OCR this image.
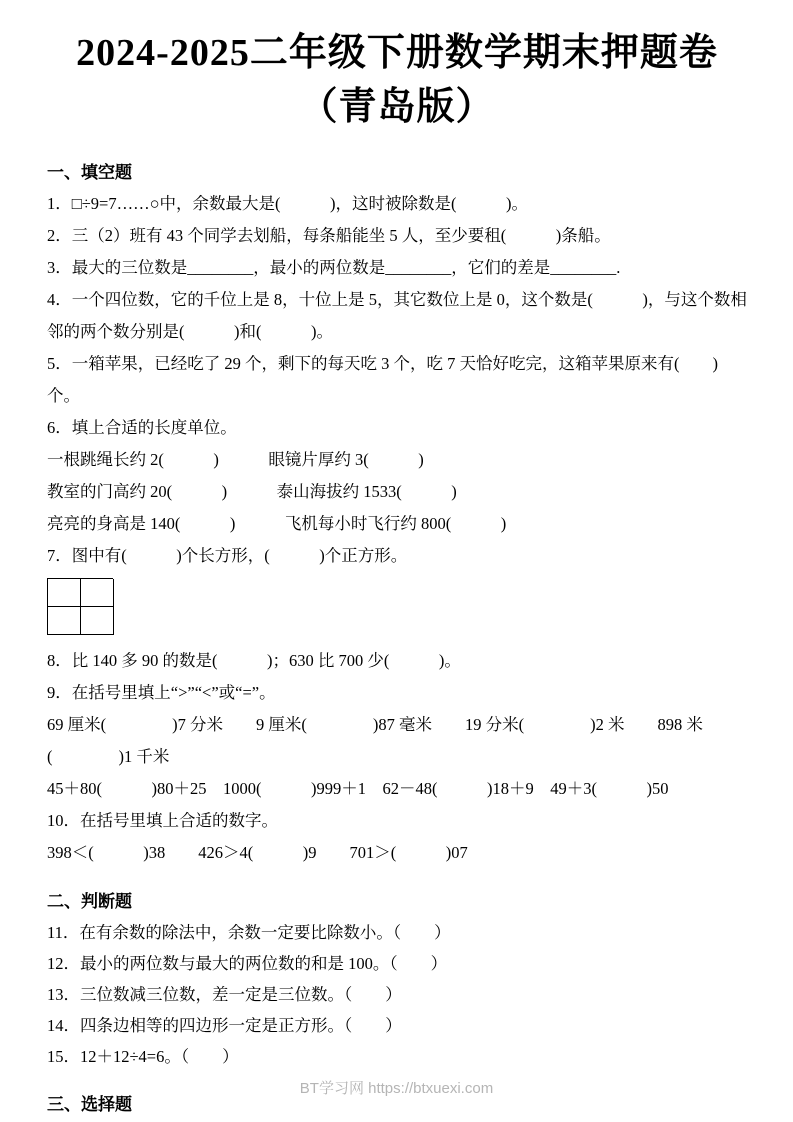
2024-2025二年级下册数学期末押题卷
（青岛版）
一、填空题
1．□÷9=7……○中，余数最大是(　　　)，这时被除数是(　　　)。
2．三（2）班有 43 个同学去划船，每条船能坐 5 人，至少要租(　　　)条船。
3．最大的三位数是________，最小的两位数是________，它们的差是________.
4．一个四位数，它的千位上是 8，十位上是 5，其它数位上是 0，这个数是(　　　)，与这个数相邻的两个数分别是(　　　)和(　　　)。
5．一箱苹果，已经吃了 29 个，剩下的每天吃 3 个，吃 7 天恰好吃完，这箱苹果原来有(　　)个。
6．填上合适的长度单位。
一根跳绳长约 2(　　　)　　　眼镜片厚约 3(　　　)
教室的门高约 20(　　　)　　　泰山海拔约 1533(　　　)
亮亮的身高是 140(　　　)　　　飞机每小时飞行约 800(　　　)
7．图中有(　　　)个长方形，(　　　)个正方形。
8．比 140 多 90 的数是(　　　)；630 比 700 少(　　　)。
9．在括号里填上“>”“<”或“=”。
69 厘米(　　　　)7 分米　　9 厘米(　　　　)87 毫米　　19 分米(　　　　)2 米　　898 米(　　　　)1 千米
45＋80(　　　)80＋25　1000(　　　)999＋1　62－48(　　　)18＋9　49＋3(　　　)50
10．在括号里填上合适的数字。
398＜(　　　)38　　426＞4(　　　)9　　701＞(　　　)07
二、判断题
11．在有余数的除法中，余数一定要比除数小。（　　）
12．最小的两位数与最大的两位数的和是 100。（　　）
13．三位数减三位数，差一定是三位数。（　　）
14．四条边相等的四边形一定是正方形。（　　）
15．12＋12÷4=6。（　　）
三、选择题
BT学习网 https://btxuexi.com
